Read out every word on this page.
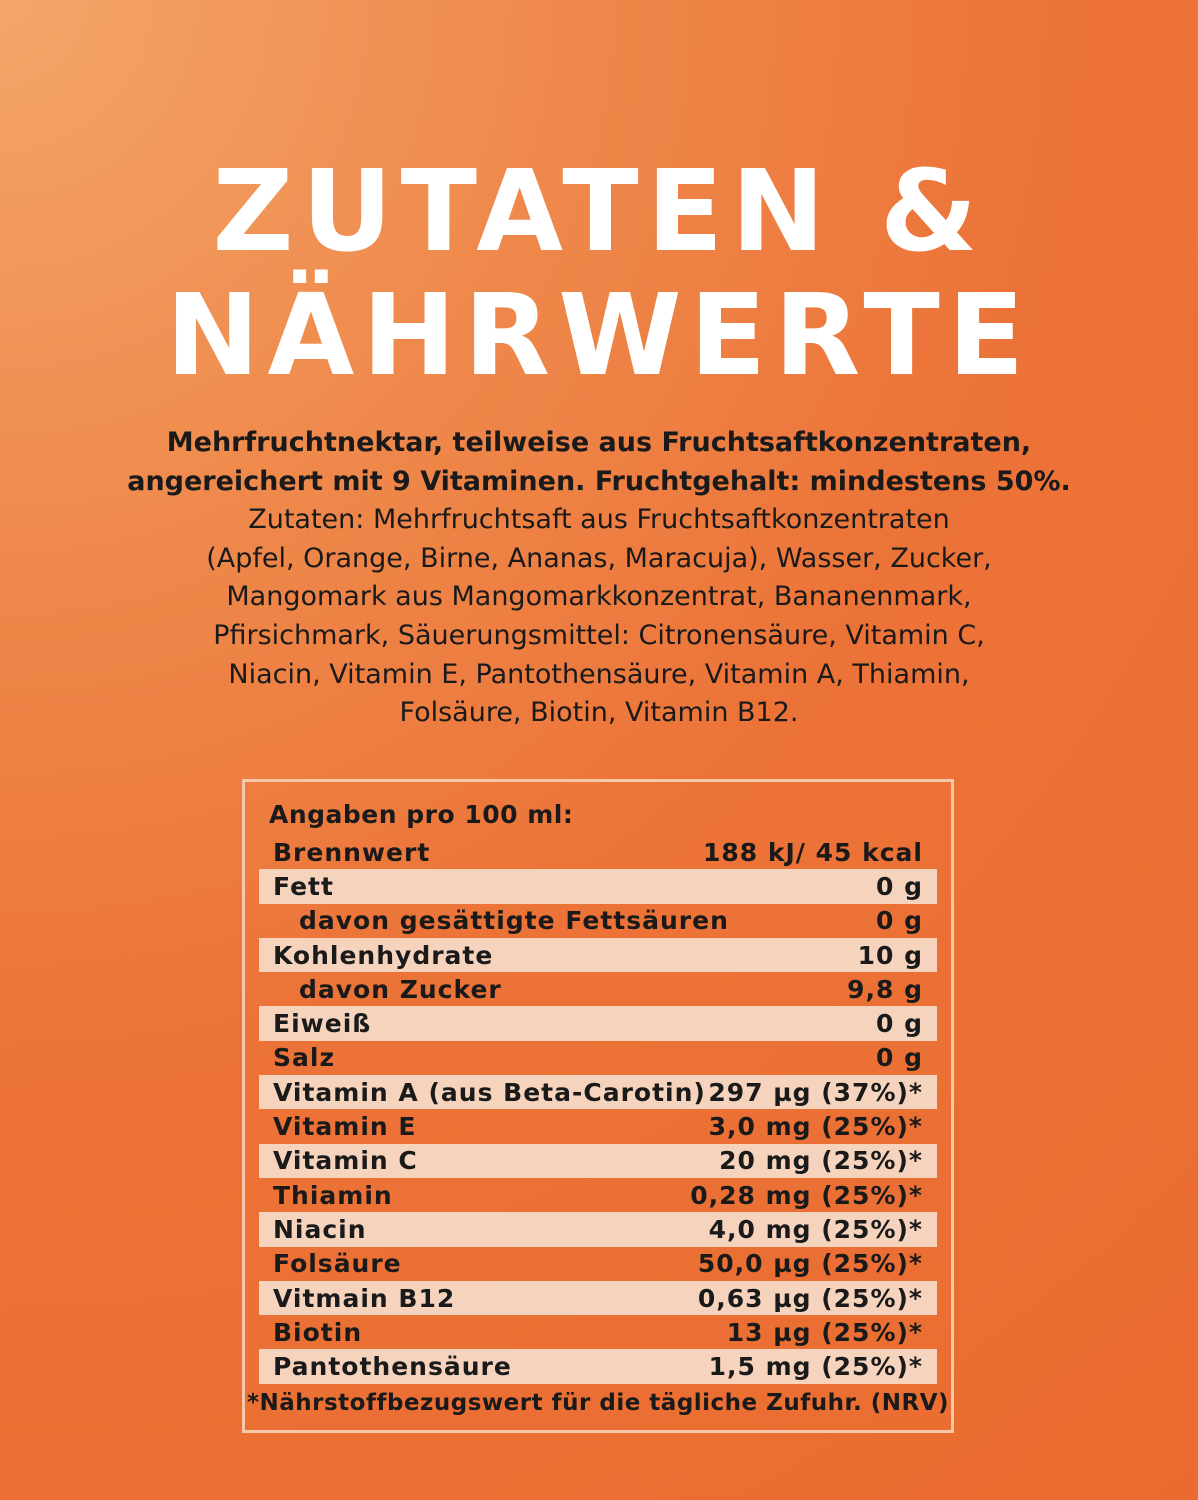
ZUTATEN &
NÄHRWERTE

Mehrfruchtnektar, teilweise aus Fruchtsaftkonzentraten,
angereichert mit 9 Vitaminen. Fruchtgehalt: mindestens 50%.
Zutaten: Mehrfruchtsaft aus Fruchtsaftkonzentraten
(Apfel, Orange, Birne, Ananas, Maracuja), Wasser, Zucker,
Mangomark aus Mangomarkkonzentrat, Bananenmark,
Pfirsichmark, Säuerungsmittel: Citronensäure, Vitamin C,
Niacin, Vitamin E, Pantothensäure, Vitamin A, Thiamin,
Folsäure, Biotin, Vitamin B12.

Angaben pro 100 ml:
Brennwert	188 kJ/ 45 kcal
Fett	0 g
davon gesättigte Fettsäuren	0 g
Kohlenhydrate	10 g
davon Zucker	9,8 g
Eiweiß	0 g
Salz	0 g
Vitamin A (aus Beta-Carotin) 297 µg (37%)*
Vitamin E	3,0 mg (25%)*
Vitamin C	20 mg (25%)*
Thiamin	0,28 mg (25%)*
Niacin	4,0 mg (25%)*
Folsäure	50,0 µg (25%)*
Vitmain B12	0,63 µg (25%)*
Biotin	13 µg (25%)*
Pantothensäure	1,5 mg (25%)*
*Nährstoffbezugswert für die tägliche Zufuhr. (NRV)
